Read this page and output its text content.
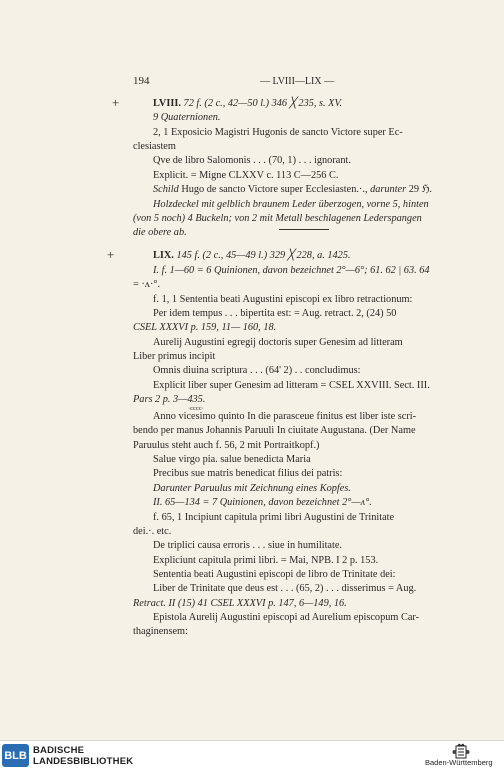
194	— LVIII—LIX —
+	LVIII. 72 f. (2 c., 42—50 l.) 346 ╳ 235, s. XV.
9 Quaternionen.
2, 1 Exposicio Magistri Hugonis de sancto Victore super Ec-
clesiastem
Qve de libro Salomonis . . . (70, 1) . . . ignorant.
Explicit. = Migne CLXXV c. 113 C—256 C.
Schild Hugo de sancto Victore super Ecclesiasten.·., darunter 29 ℌ.
Holzdeckel mit gelblich braunem Leder überzogen, vorne 5, hinten
(von 5 noch) 4 Buckeln; von 2 mit Metall beschlagenen Lederspangen
die obere ab.
+	LIX. 145 f. (2 c., 45—49 l.) 329 ╳ 228, a. 1425.
I. f. 1—60 = 6 Quinionen, davon bezeichnet 2°—6°; 61. 62 | 63. 64
= ·ʌ·°.
f. 1, 1 Sententia beati Augustini episcopi ex libro retractionum:
Per idem tempus . . . bipertita est: = Aug. retract. 2, (24) 50
CSEL XXXVI p. 159, 11— 160, 18.
Aurelij Augustini egregij doctoris super Genesim ad litteram
Liber primus incipit
Omnis diuina scriptura . . . (64' 2) . . concludimus:
Explicit liber super Genesim ad litteram = CSEL XXVIII. Sect. III.
Pars 2 p. 3—435.
·cccc·
Anno vicesimo quinto In die parasceue finitus est liber iste scri-
bendo per manus Johannis Paruuli In ciuitate Augustana. (Der Name
Paruulus steht auch f. 56, 2 mit Portraitkopf.)
Salue virgo pia. salue benedicta Maria
Precibus sue matris benedicat filius dei patris:
Darunter Paruulus mit Zeichnung eines Kopfes.
II. 65—134 = 7 Quinionen, davon bezeichnet 2°—ʌ°.
f. 65, 1 Incipiunt capitula primi libri Augustini de Trinitate
dei.·. etc.
De triplici causa erroris . . . siue in humilitate.
Expliciunt capitula primi libri. = Mai, NPB. I 2 p. 153.
Sententia beati Augustini episcopi de libro de Trinitate dei:
Liber de Trinitate que deus est . . . (65, 2) . . . disserimus = Aug.
Retract. II (15) 41 CSEL XXXVI p. 147, 6—149, 16.
Epistola Aurelij Augustini episcopi ad Aurelium episcopum Car-
thaginensem:
BLB BADISCHE
LANDESBIBLIOTHEK	Baden-Württemberg
